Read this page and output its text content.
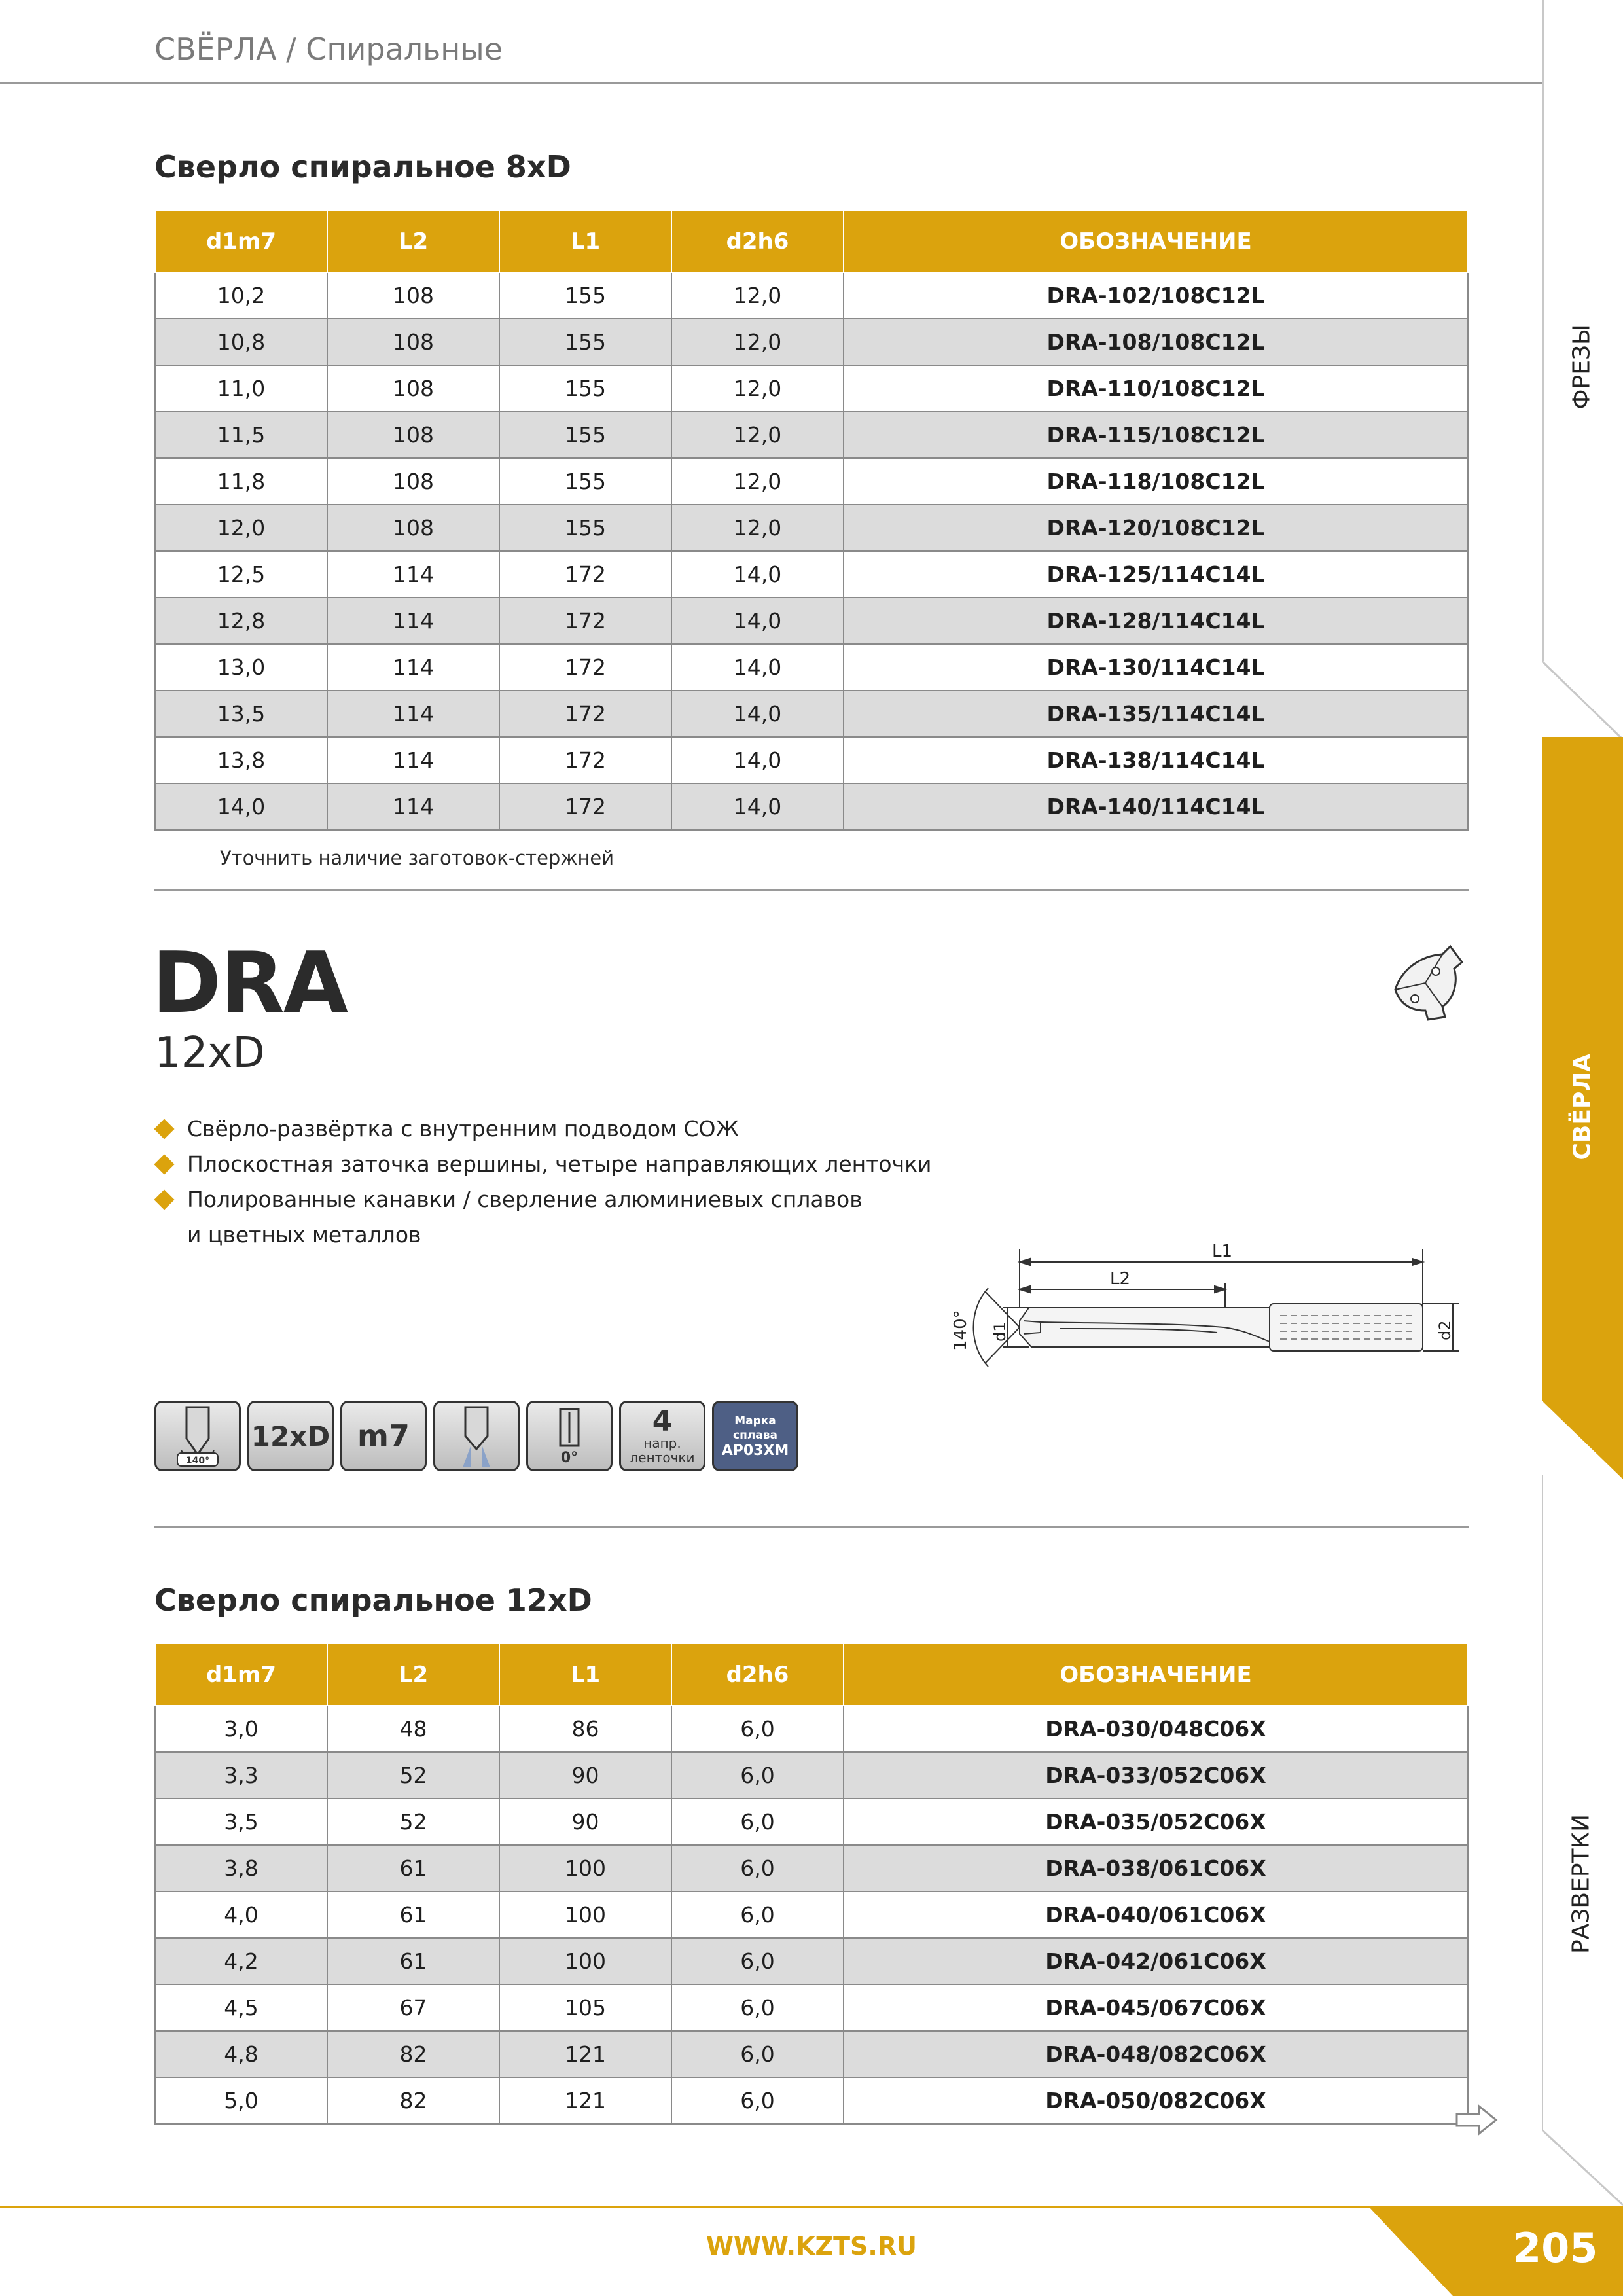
СВЁРЛА / Спиральные
ФРЕЗЫ
СВЁРЛА
РАЗВЕРТКИ
Сверло спиральное 8xD
d1m7	L2	L1	d2h6	ОБОЗНАЧЕНИЕ
10,2	108	155	12,0	DRA-102/108C12L
10,8	108	155	12,0	DRA-108/108C12L
11,0	108	155	12,0	DRA-110/108C12L
11,5	108	155	12,0	DRA-115/108C12L
11,8	108	155	12,0	DRA-118/108C12L
12,0	108	155	12,0	DRA-120/108C12L
12,5	114	172	14,0	DRA-125/114C14L
12,8	114	172	14,0	DRA-128/114C14L
13,0	114	172	14,0	DRA-130/114C14L
13,5	114	172	14,0	DRA-135/114C14L
13,8	114	172	14,0	DRA-138/114C14L
14,0	114	172	14,0	DRA-140/114C14L
Уточнить наличие заготовок-стержней
DRA
12xD
Свёрло-развёртка с внутренним подводом СОЖ
Плоскостная заточка вершины, четыре направляющих ленточки
Полированные канавки / сверление алюминиевых сплавов
и цветных металлов
L1
L2
d1	d2
140°
140°
12xD m7
0°
4
напр.
ленточки
Марка
сплава
AP03XM
Сверло спиральное 12xD
d1m7	L2	L1	d2h6	ОБОЗНАЧЕНИЕ
3,0	48	86	6,0	DRA-030/048C06X
3,3	52	90	6,0	DRA-033/052C06X
3,5	52	90	6,0	DRA-035/052C06X
3,8	61	100	6,0	DRA-038/061C06X
4,0	61	100	6,0	DRA-040/061C06X
4,2	61	100	6,0	DRA-042/061C06X
4,5	67	105	6,0	DRA-045/067C06X
4,8	82	121	6,0	DRA-048/082C06X
5,0	82	121	6,0	DRA-050/082C06X
WWW.KZTS.RU	205
